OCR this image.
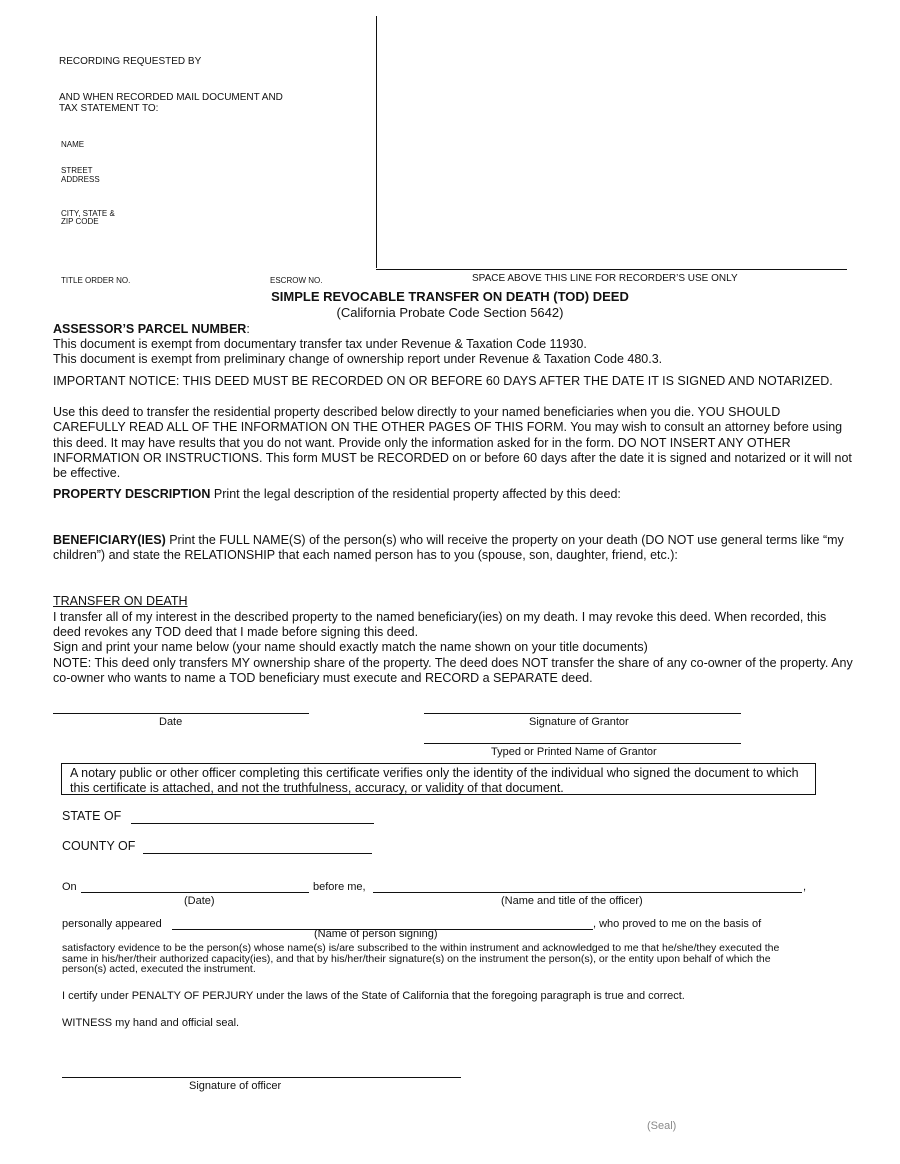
RECORDING REQUESTED BY
AND WHEN RECORDED MAIL DOCUMENT AND
TAX STATEMENT TO:
NAME
STREET
ADDRESS
CITY, STATE &
ZIP CODE
TITLE ORDER NO.	ESCROW NO.	SPACE ABOVE THIS LINE FOR RECORDER’S USE ONLY
SIMPLE REVOCABLE TRANSFER ON DEATH (TOD) DEED
(California Probate Code Section 5642)
ASSESSOR’S PARCEL NUMBER:
This document is exempt from documentary transfer tax under Revenue & Taxation Code 11930.
This document is exempt from preliminary change of ownership report under Revenue & Taxation Code 480.3.
IMPORTANT NOTICE: THIS DEED MUST BE RECORDED ON OR BEFORE 60 DAYS AFTER THE DATE IT IS SIGNED AND NOTARIZED.
Use this deed to transfer the residential property described below directly to your named beneficiaries when you die. YOU SHOULD CAREFULLY READ ALL OF THE INFORMATION ON THE OTHER PAGES OF THIS FORM. You may wish to consult an attorney before using this deed. It may have results that you do not want. Provide only the information asked for in the form. DO NOT INSERT ANY OTHER INFORMATION OR INSTRUCTIONS. This form MUST be RECORDED on or before 60 days after the date it is signed and notarized or it will not be effective.
PROPERTY DESCRIPTION Print the legal description of the residential property affected by this deed:
BENEFICIARY(IES) Print the FULL NAME(S) of the person(s) who will receive the property on your death (DO NOT use general terms like “my children”) and state the RELATIONSHIP that each named person has to you (spouse, son, daughter, friend, etc.):
TRANSFER ON DEATH
I transfer all of my interest in the described property to the named beneficiary(ies) on my death. I may revoke this deed. When recorded, this deed revokes any TOD deed that I made before signing this deed.
Sign and print your name below (your name should exactly match the name shown on your title documents)
NOTE: This deed only transfers MY ownership share of the property. The deed does NOT transfer the share of any co-owner of the property. Any co-owner who wants to name a TOD beneficiary must execute and RECORD a SEPARATE deed.
Date	Signature of Grantor
Typed or Printed Name of Grantor
A notary public or other officer completing this certificate verifies only the identity of the individual who signed the document to which this certificate is attached, and not the truthfulness, accuracy, or validity of that document.
STATE OF
COUNTY OF
On	before me,	,
(Date)	(Name and title of the officer)
personally appeared	, who proved to me on the basis of
(Name of person signing)
satisfactory evidence to be the person(s) whose name(s) is/are subscribed to the within instrument and acknowledged to me that he/she/they executed the same in his/her/their authorized capacity(ies), and that by his/her/their signature(s) on the instrument the person(s), or the entity upon behalf of which the person(s) acted, executed the instrument.
I certify under PENALTY OF PERJURY under the laws of the State of California that the foregoing paragraph is true and correct.
WITNESS my hand and official seal.
Signature of officer
(Seal)
